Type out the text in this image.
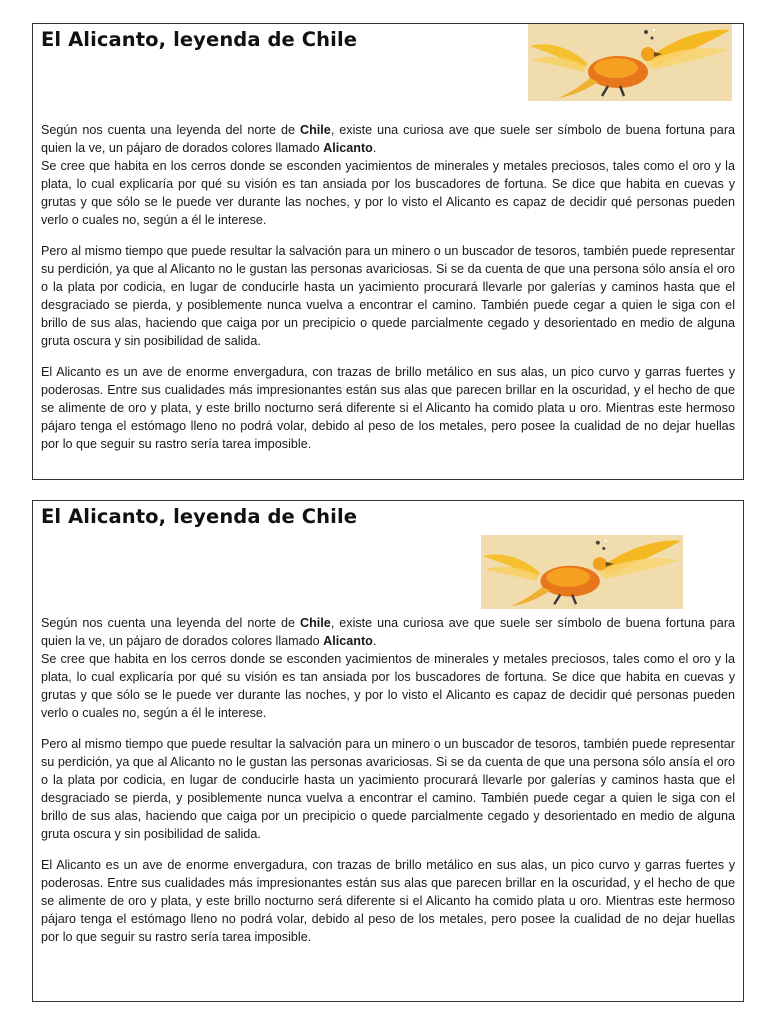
El Alicanto, leyenda de Chile

Según nos cuenta una leyenda del norte de Chile, existe una curiosa ave que suele ser símbolo de buena fortuna para quien la ve, un pájaro de dorados colores llamado Alicanto.

Se cree que habita en los cerros donde se esconden yacimientos de minerales y metales preciosos, tales como el oro y la plata, lo cual explicaría por qué su visión es tan ansiada por los buscadores de fortuna. Se dice que habita en cuevas y grutas y que sólo se le puede ver durante las noches, y por lo visto el Alicanto es capaz de decidir qué personas pueden verlo o cuales no, según a él le interese.

Pero al mismo tiempo que puede resultar la salvación para un minero o un buscador de tesoros, también puede representar su perdición, ya que al Alicanto no le gustan las personas avariciosas. Si se da cuenta de que una persona sólo ansía el oro o la plata por codicia, en lugar de conducirle hasta un yacimiento procurará llevarle por galerías y caminos hasta que el desgraciado se pierda, y posiblemente nunca vuelva a encontrar el camino. También puede cegar a quien le siga con el brillo de sus alas, haciendo que caiga por un precipicio o quede parcialmente cegado y desorientado en medio de alguna gruta oscura y sin posibilidad de salida.

El Alicanto es un ave de enorme envergadura, con trazas de brillo metálico en sus alas, un pico curvo y garras fuertes y poderosas. Entre sus cualidades más impresionantes están sus alas que parecen brillar en la oscuridad, y el hecho de que se alimente de oro y plata, y este brillo nocturno será diferente si el Alicanto ha comido plata u oro. Mientras este hermoso pájaro tenga el estómago lleno no podrá volar, debido al peso de los metales, pero posee la cualidad de no dejar huellas por lo que seguir su rastro sería tarea imposible.

El Alicanto, leyenda de Chile

Según nos cuenta una leyenda del norte de Chile, existe una curiosa ave que suele ser símbolo de buena fortuna para quien la ve, un pájaro de dorados colores llamado Alicanto.

Se cree que habita en los cerros donde se esconden yacimientos de minerales y metales preciosos, tales como el oro y la plata, lo cual explicaría por qué su visión es tan ansiada por los buscadores de fortuna. Se dice que habita en cuevas y grutas y que sólo se le puede ver durante las noches, y por lo visto el Alicanto es capaz de decidir qué personas pueden verlo o cuales no, según a él le interese.

Pero al mismo tiempo que puede resultar la salvación para un minero o un buscador de tesoros, también puede representar su perdición, ya que al Alicanto no le gustan las personas avariciosas. Si se da cuenta de que una persona sólo ansía el oro o la plata por codicia, en lugar de conducirle hasta un yacimiento procurará llevarle por galerías y caminos hasta que el desgraciado se pierda, y posiblemente nunca vuelva a encontrar el camino. También puede cegar a quien le siga con el brillo de sus alas, haciendo que caiga por un precipicio o quede parcialmente cegado y desorientado en medio de alguna gruta oscura y sin posibilidad de salida.

El Alicanto es un ave de enorme envergadura, con trazas de brillo metálico en sus alas, un pico curvo y garras fuertes y poderosas. Entre sus cualidades más impresionantes están sus alas que parecen brillar en la oscuridad, y el hecho de que se alimente de oro y plata, y este brillo nocturno será diferente si el Alicanto ha comido plata u oro. Mientras este hermoso pájaro tenga el estómago lleno no podrá volar, debido al peso de los metales, pero posee la cualidad de no dejar huellas por lo que seguir su rastro sería tarea imposible.
